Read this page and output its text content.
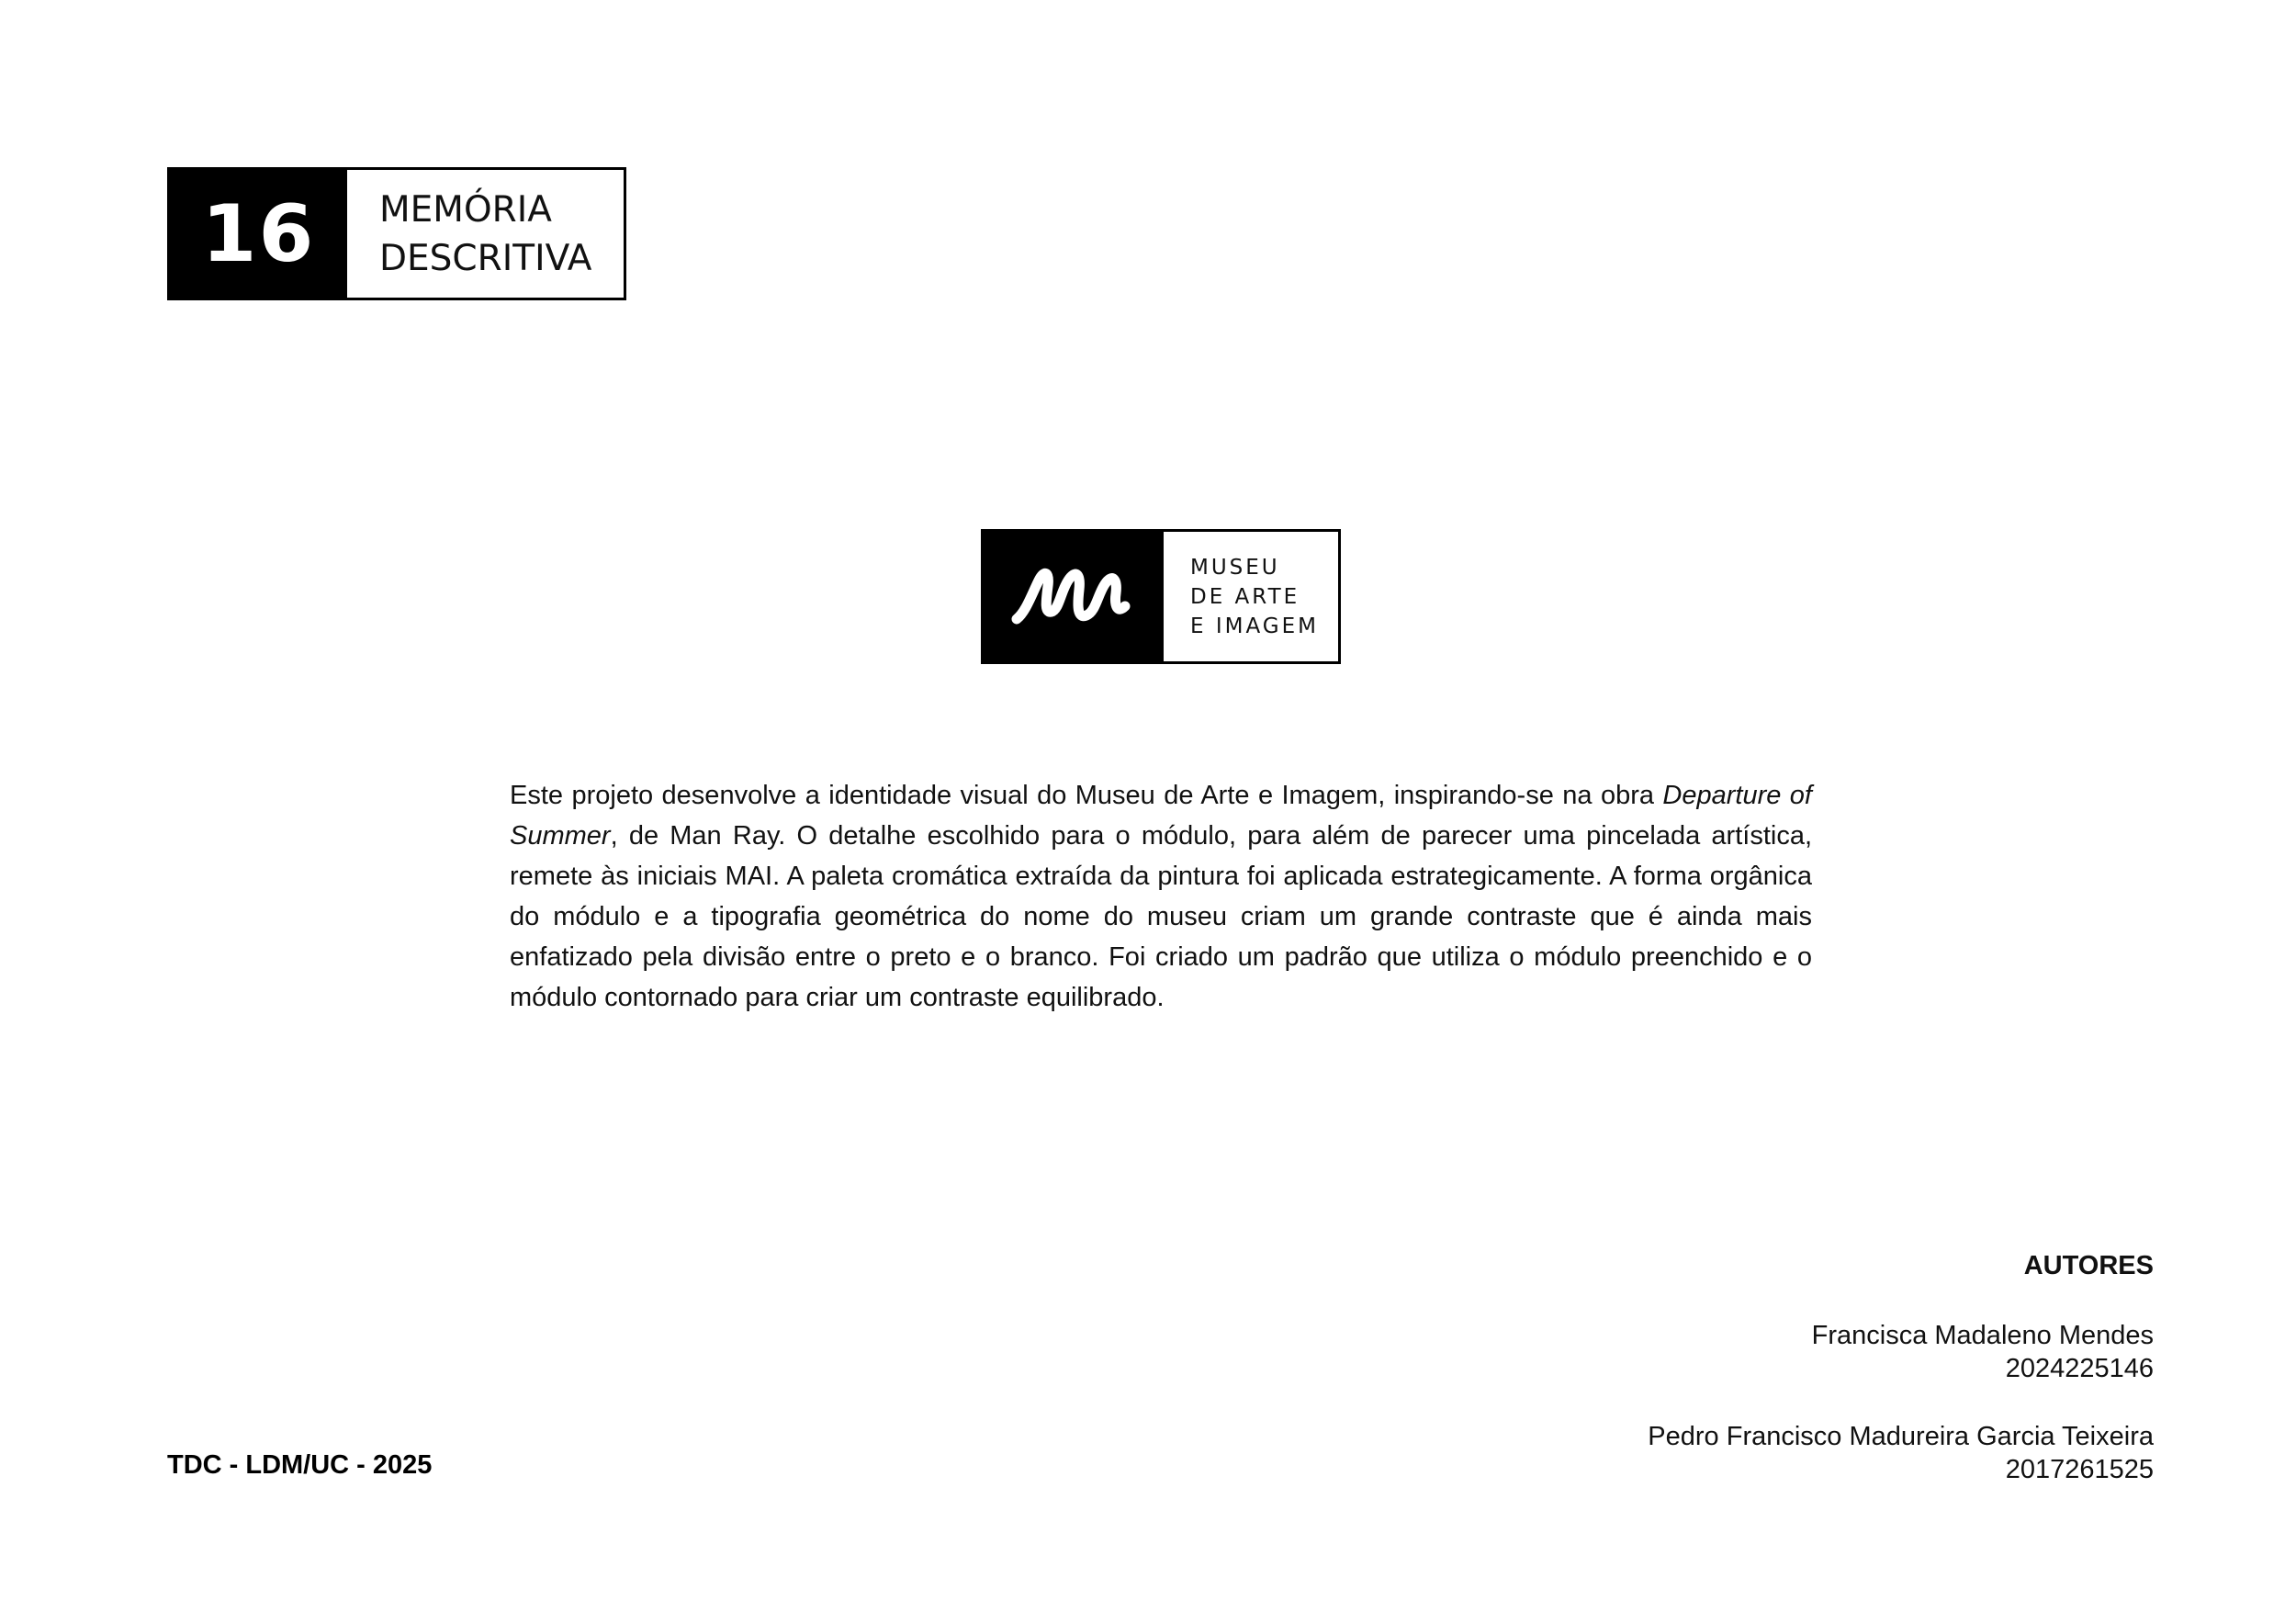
16	MEMÓRIA
DESCRITIVA
MUSEU
DE ARTE
E IMAGEM

Este projeto desenvolve a identidade visual do Museu de Arte e Imagem, inspirando-se na obra Departure of Summer, de Man Ray. O detalhe escolhido para o módulo, para além de parecer uma pincelada artística, remete às iniciais MAI. A paleta cromática extraída da pintura foi aplicada estrategicamente. A forma orgânica do módulo e a tipografia geométrica do nome do museu criam um grande contraste que é ainda mais enfatizado pela divisão entre o preto e o branco. Foi criado um padrão que utiliza o módulo preenchido e o módulo contornado para criar um contraste equilibrado.

TDC - LDM/UC - 2025
AUTORES
Francisca Madaleno Mendes
2024225146
Pedro Francisco Madureira Garcia Teixeira
2017261525
